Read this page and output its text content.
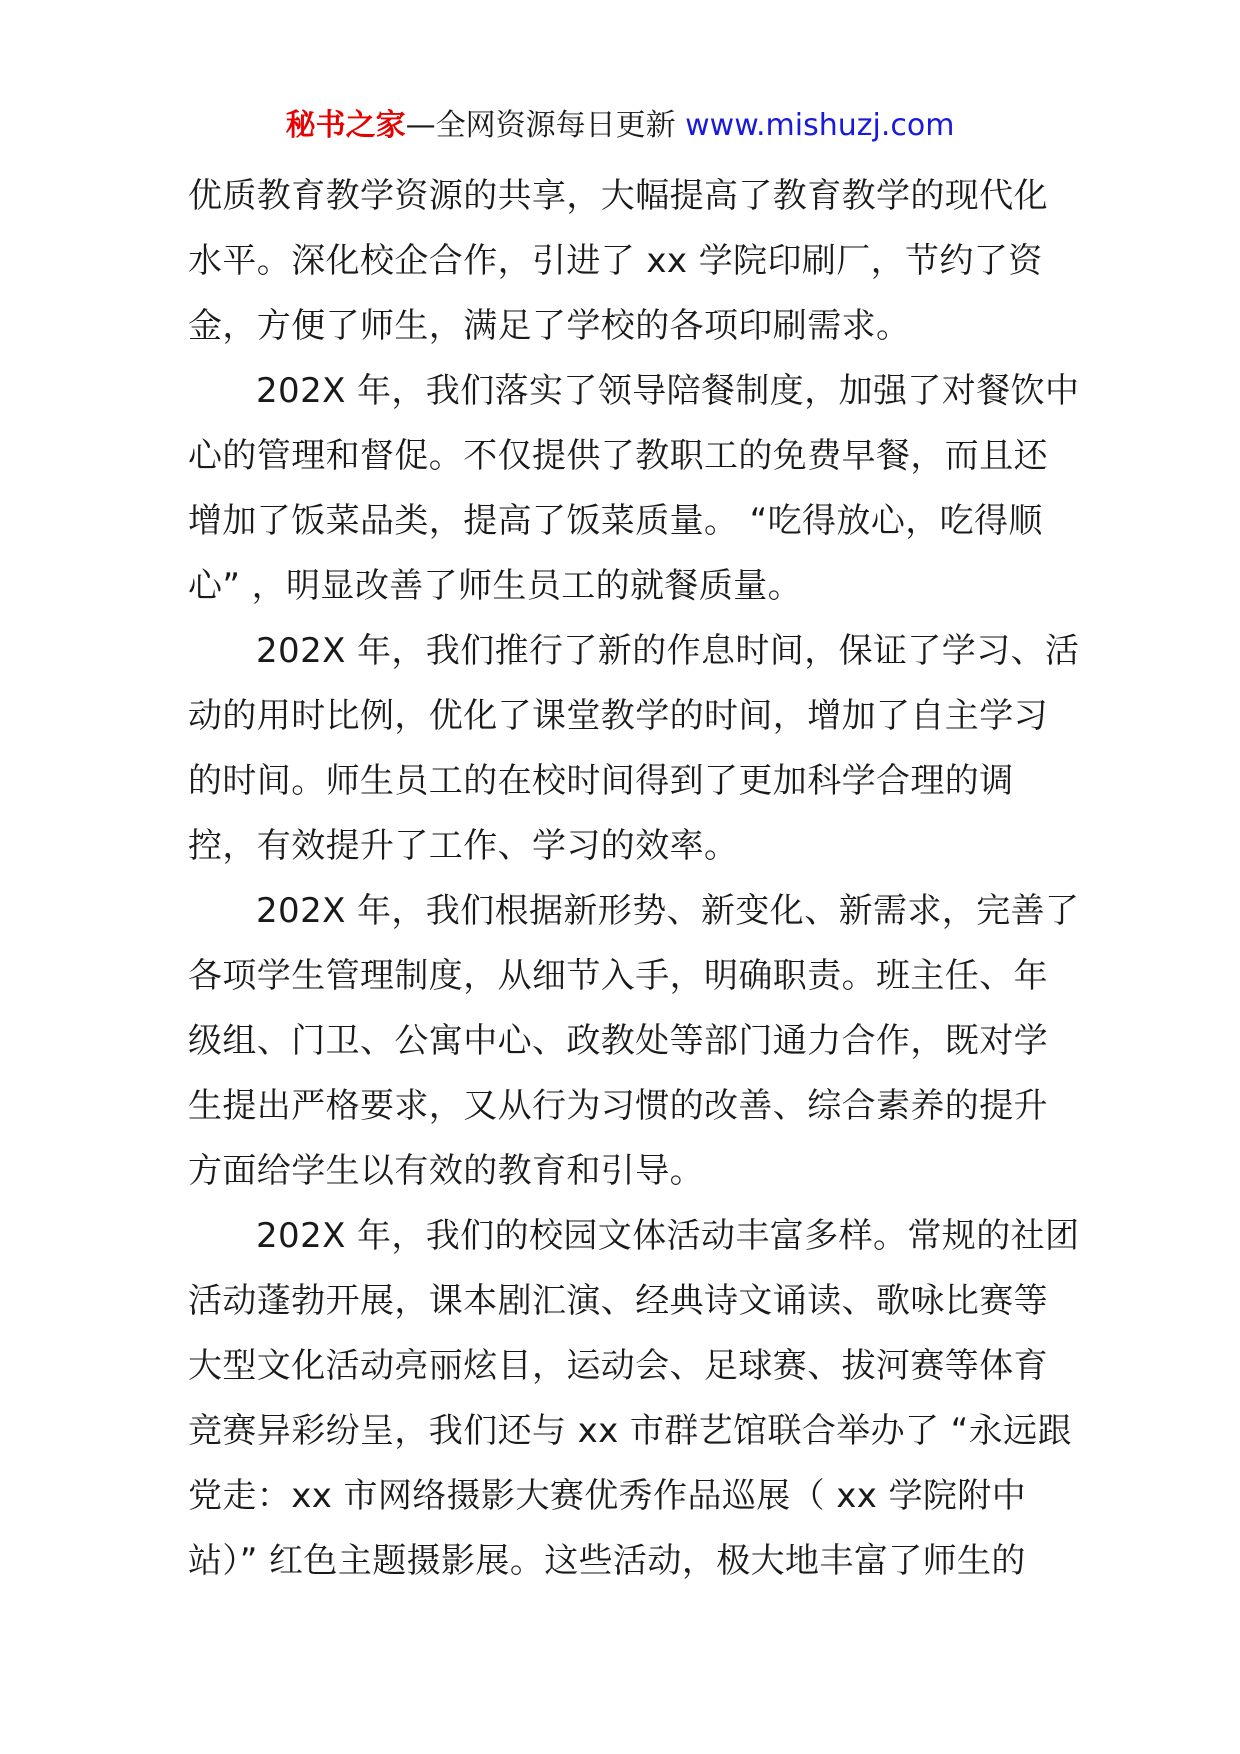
秘书之家—全网资源每日更新 www.mishuzj.com
优质教育教学资源的共享，大幅提高了教育教学的现代化
水平。深化校企合作，引进了 xx 学院印刷厂，节约了资
金，方便了师生，满足了学校的各项印刷需求。
202X 年，我们落实了领导陪餐制度，加强了对餐饮中
心的管理和督促。不仅提供了教职工的免费早餐，而且还
增加了饭菜品类，提高了饭菜质量。 “吃得放心，吃得顺
心” ，明显改善了师生员工的就餐质量。
202X 年，我们推行了新的作息时间，保证了学习、活
动的用时比例，优化了课堂教学的时间，增加了自主学习
的时间。师生员工的在校时间得到了更加科学合理的调
控，有效提升了工作、学习的效率。
202X 年，我们根据新形势、新变化、新需求，完善了
各项学生管理制度，从细节入手，明确职责。班主任、年
级组、门卫、公寓中心、政教处等部门通力合作，既对学
生提出严格要求，又从行为习惯的改善、综合素养的提升
方面给学生以有效的教育和引导。
202X 年，我们的校园文体活动丰富多样。常规的社团
活动蓬勃开展，课本剧汇演、经典诗文诵读、歌咏比赛等
大型文化活动亮丽炫目，运动会、足球赛、拔河赛等体育
竞赛异彩纷呈，我们还与 xx 市群艺馆联合举办了 “永远跟
党走：xx 市网络摄影大赛优秀作品巡展（ xx 学院附中
站）” 红色主题摄影展。这些活动，极大地丰富了师生的
